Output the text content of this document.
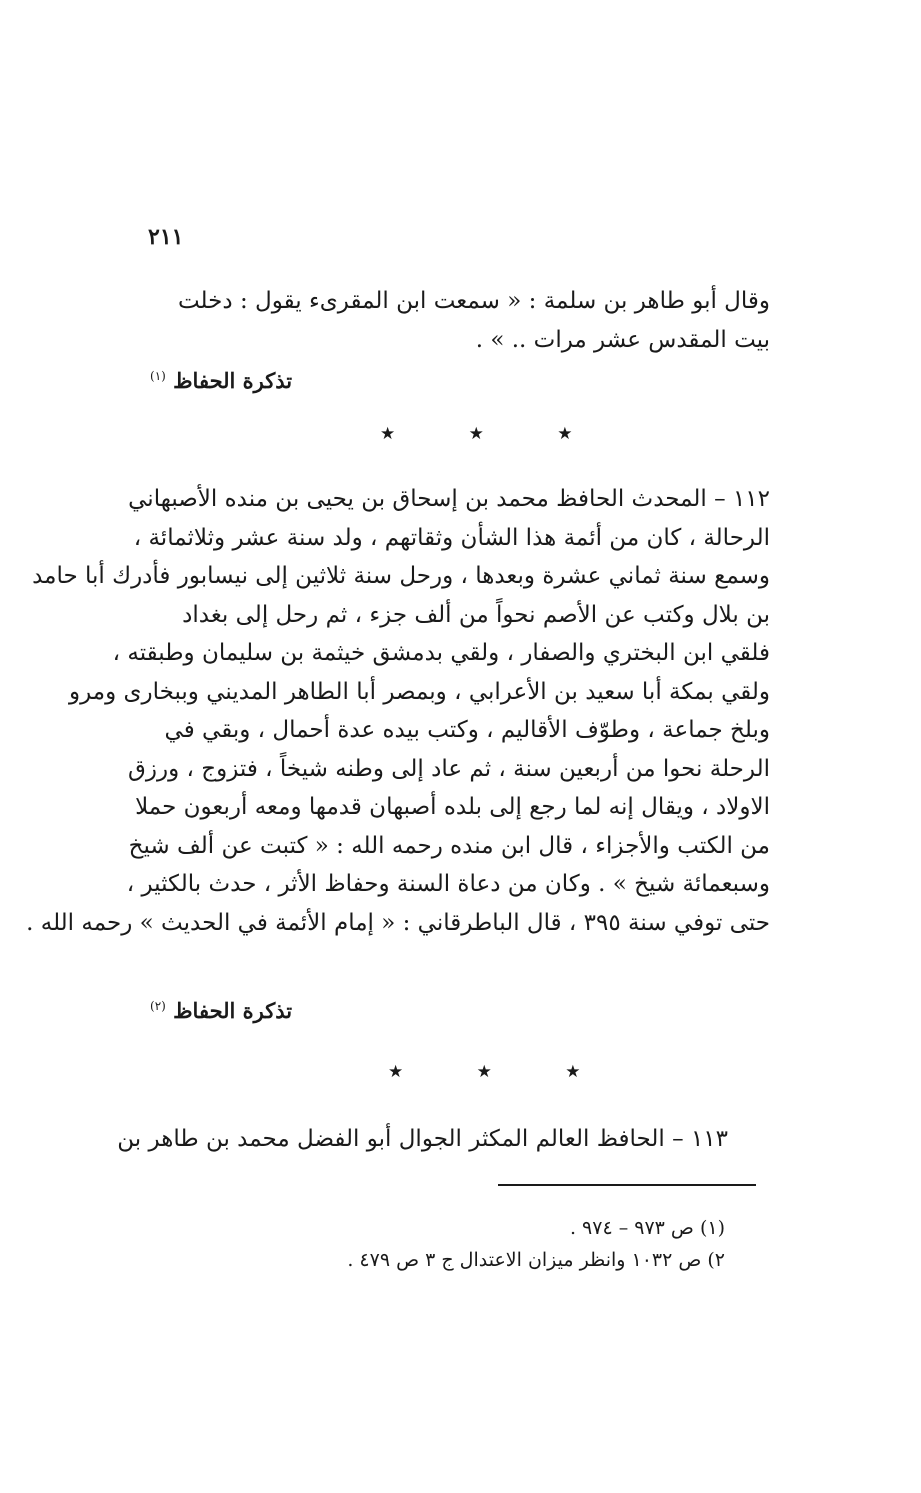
٢١١
وقال أبو طاهر بن سلمة : « سمعت ابن المقرىء يقول : دخلت
بيت المقدس عشر مرات .. » .
تذكرة الحفاظ $^{(١)}$
★ ★ ★
١١٢ – المحدث الحافظ محمد بن إسحاق بن يحيى بن منده الأصبهاني
الرحالة ، كان من أئمة هذا الشأن وثقاتهم ، ولد سنة عشر وثلاثمائة ،
وسمع سنة ثماني عشرة وبعدها ، ورحل سنة ثلاثين إلى نيسابور فأدرك أبا حامد
بن بلال وكتب عن الأصم نحواً من ألف جزء ، ثم رحل إلى بغداد
فلقي ابن البختري والصفار ، ولقي بدمشق خيثمة بن سليمان وطبقته ،
ولقي بمكة أبا سعيد بن الأعرابي ، وبمصر أبا الطاهر المديني وببخارى ومرو
وبلخ جماعة ، وطوّف الأقاليم ، وكتب بيده عدة أحمال ، وبقي في
الرحلة نحوا من أربعين سنة ، ثم عاد إلى وطنه شيخاً ، فتزوج ، ورزق
الاولاد ، ويقال إنه لما رجع إلى بلده أصبهان قدمها ومعه أربعون حملا
من الكتب والأجزاء ، قال ابن منده رحمه الله : « كتبت عن ألف شيخ
وسبعمائة شيخ » . وكان من دعاة السنة وحفاظ الأثر ، حدث بالكثير ،
حتى توفي سنة ٣٩٥ ، قال الباطرقاني : « إمام الأئمة في الحديث » رحمه الله .
تذكرة الحفاظ $^{(٢)}$
★ ★ ★
١١٣ – الحافظ العالم المكثر الجوال أبو الفضل محمد بن طاهر بن
(١) ص ٩٧٣ – ٩٧٤ .
٢) ص ١٠٣٢ وانظر ميزان الاعتدال ج ٣ ص ٤٧٩ .
